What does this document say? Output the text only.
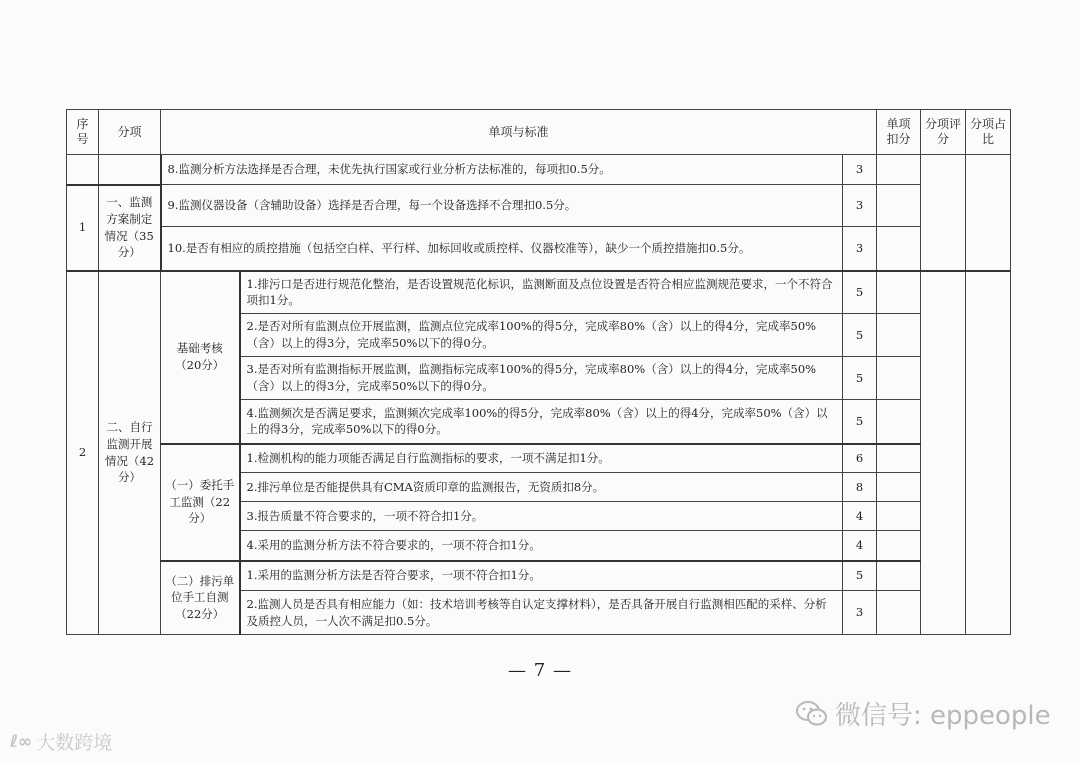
序号	分项	单项与标准			单项扣分	分项评分	分项占比
		8.监测分析方法选择是否合理，未优先执行国家或行业分析方法标准的，每项扣0.5分。		3			
1	一、监测方案制定情况（35分）	9.监测仪器设备（含辅助设备）选择是否合理，每一个设备选择不合理扣0.5分。		3			
		10.是否有相应的质控措施（包括空白样、平行样、加标回收或质控样、仪器校准等），缺少一个质控措施扣0.5分。		3			
2	二、自行监测开展情况（42分）	基础考核（20分）	1.排污口是否进行规范化整治，是否设置规范化标识，监测断面及点位设置是否符合相应监测规范要求，一个不符合项扣1分。	5			
			2.是否对所有监测点位开展监测，监测点位完成率100%的得5分，完成率80%（含）以上的得4分，完成率50%（含）以上的得3分，完成率50%以下的得0分。	5			
			3.是否对所有监测指标开展监测，监测指标完成率100%的得5分，完成率80%（含）以上的得4分，完成率50%（含）以上的得3分，完成率50%以下的得0分。	5			
			4.监测频次是否满足要求，监测频次完成率100%的得5分，完成率80%（含）以上的得4分，完成率50%（含）以上的得3分，完成率50%以下的得0分。	5			
		（一）委托手工监测（22分）	1.检测机构的能力项能否满足自行监测指标的要求，一项不满足扣1分。	6			
			2.排污单位是否能提供具有CMA资质印章的监测报告，无资质扣8分。	8			
			3.报告质量不符合要求的，一项不符合扣1分。	4			
			4.采用的监测分析方法不符合要求的，一项不符合扣1分。	4			
		（二）排污单位手工自测（22分）	1.采用的监测分析方法是否符合要求，一项不符合扣1分。	5			
			2.监测人员是否具有相应能力（如：技术培训考核等自认定支撑材料），是否具备开展自行监测相匹配的采样、分析及质控人员，一人次不满足扣0.5分。	3			
— 7 —
ℓ∞ 大数跨境
微信号: eppeople
